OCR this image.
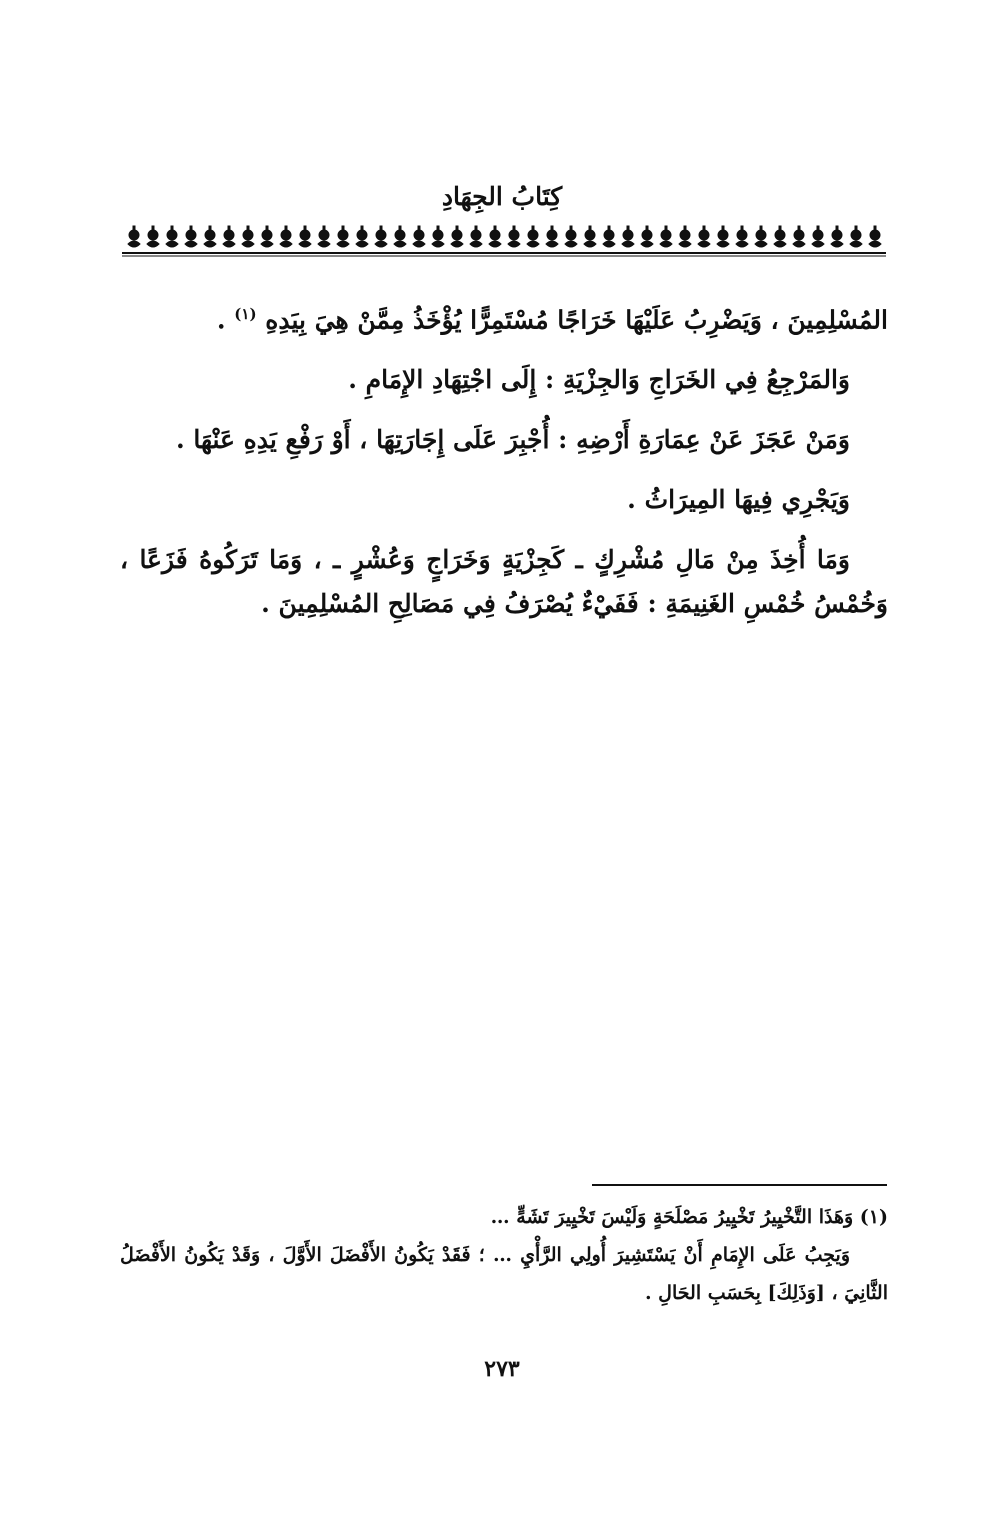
كِتَابُ الجِهَادِ

المُسْلِمِينَ ، وَيَضْرِبُ عَلَيْهَا خَرَاجًا مُسْتَمِرًّا يُؤْخَذُ مِمَّنْ هِيَ بِيَدِهِ $^{(١)}$ .

وَالمَرْجِعُ فِي الخَرَاجِ وَالجِزْيَةِ : إِلَى اجْتِهَادِ الإِمَامِ .

وَمَنْ عَجَزَ عَنْ عِمَارَةِ أَرْضِهِ : أُجْبِرَ عَلَى إِجَارَتِهَا ، أَوْ رَفْعِ يَدِهِ عَنْهَا .

وَيَجْرِي فِيهَا المِيرَاثُ .

وَمَا أُخِذَ مِنْ مَالِ مُشْرِكٍ ـ كَجِزْيَةٍ وَخَرَاجٍ وَعُشْرٍ ـ ، وَمَا تَرَكُوهُ فَزَعًا ، وَخُمْسُ خُمْسِ الغَنِيمَةِ : فَفَيْءٌ يُصْرَفُ فِي مَصَالِحِ المُسْلِمِينَ .

(١) وَهَذَا التَّخْيِيرُ تَخْيِيرُ مَصْلَحَةٍ وَلَيْسَ تَخْيِيرَ تَشَهٍّ …

وَيَجِبُ عَلَى الإِمَامِ أَنْ يَسْتَشِيرَ أُولِي الرَّأْيِ … ؛ فَقَدْ يَكُونُ الأَفْضَلَ الأَوَّلَ ، وَقَدْ يَكُونُ الأَفْضَلُ الثَّانِيَ ، [وَذَلِكَ] بِحَسَبِ الحَالِ .

٢٧٣
